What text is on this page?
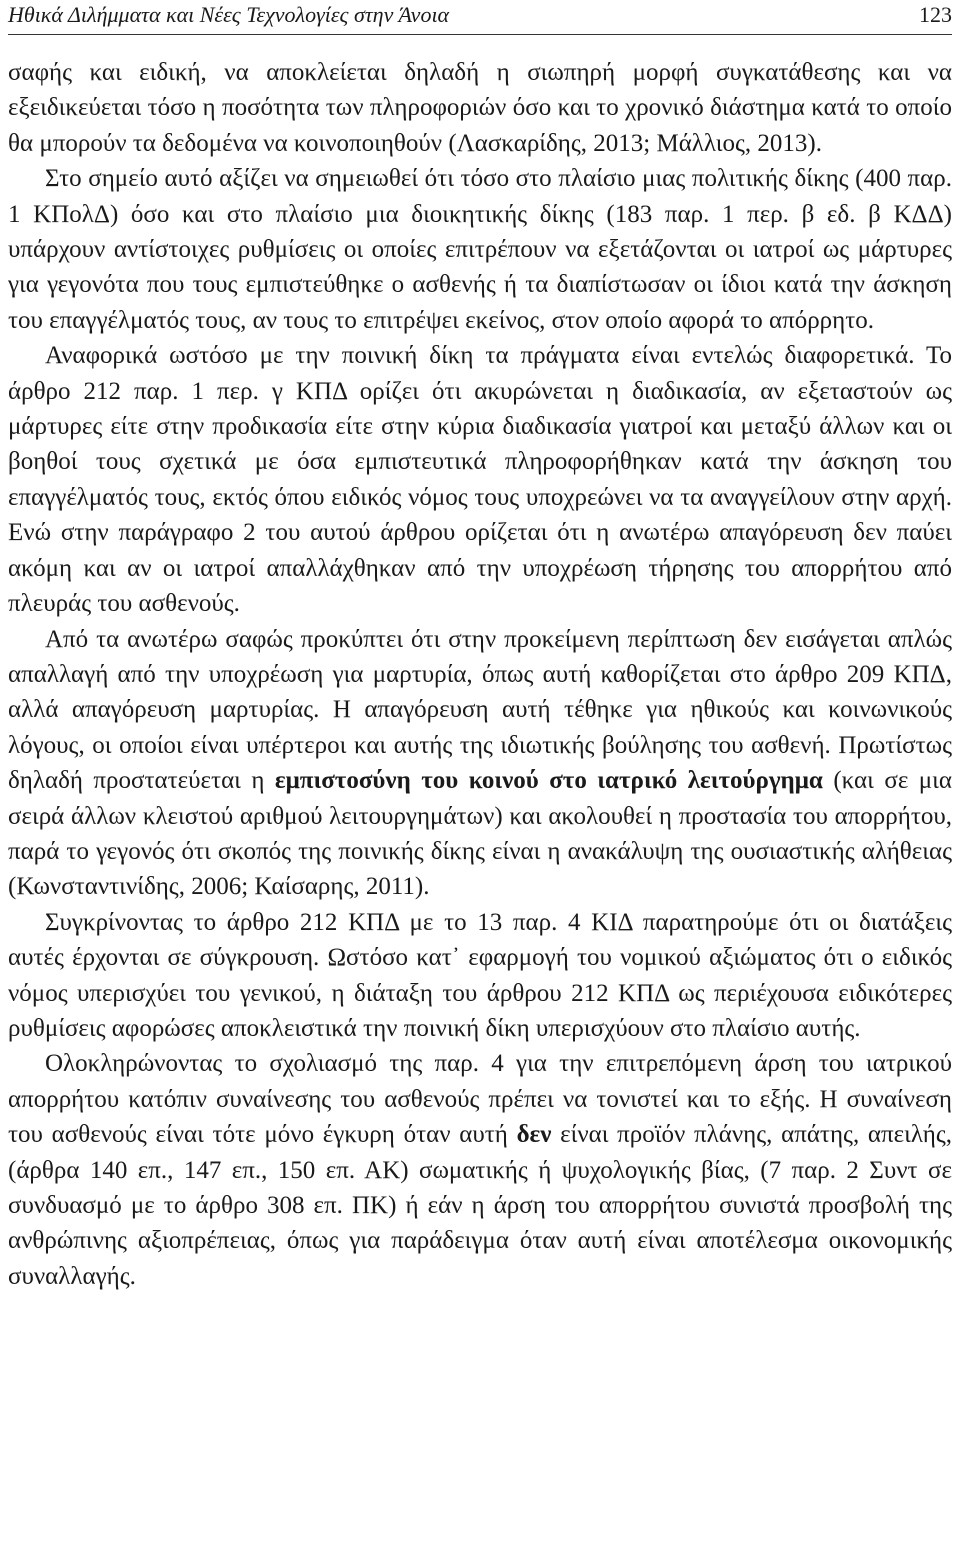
Ηθικά Διλήμματα και Νέες Τεχνολογίες στην Άνοια	123

σαφής και ειδική, να αποκλείεται δηλαδή η σιωπηρή μορφή συγκατάθεσης και να εξειδικεύεται τόσο η ποσότητα των πληροφοριών όσο και το χρονικό διάστημα κατά το οποίο θα μπορούν τα δεδομένα να κοινοποιηθούν (Λασκαρίδης, 2013; Μάλλιος, 2013).

Στο σημείο αυτό αξίζει να σημειωθεί ότι τόσο στο πλαίσιο μιας πολιτικής δίκης (400 παρ. 1 ΚΠολΔ) όσο και στο πλαίσιο μια διοικητικής δίκης (183 παρ. 1 περ. β εδ. β ΚΔΔ) υπάρχουν αντίστοιχες ρυθμίσεις οι οποίες επιτρέπουν να εξετάζονται οι ιατροί ως μάρτυρες για γεγονότα που τους εμπιστεύθηκε ο ασθενής ή τα διαπίστωσαν οι ίδιοι κατά την άσκηση του επαγγέλματός τους, αν τους το επιτρέψει εκείνος, στον οποίο αφορά το απόρρητο.

Αναφορικά ωστόσο με την ποινική δίκη τα πράγματα είναι εντελώς διαφορετικά. Το άρθρο 212 παρ. 1 περ. γ ΚΠΔ ορίζει ότι ακυρώνεται η διαδικασία, αν εξεταστούν ως μάρτυρες είτε στην προδικασία είτε στην κύρια διαδικασία γιατροί και μεταξύ άλλων και οι βοηθοί τους σχετικά με όσα εμπιστευτικά πληροφορήθηκαν κατά την άσκηση του επαγγέλματός τους, εκτός όπου ειδικός νόμος τους υποχρεώνει να τα αναγγείλουν στην αρχή. Ενώ στην παράγραφο 2 του αυτού άρθρου ορίζεται ότι η ανωτέρω απαγόρευση δεν παύει ακόμη και αν οι ιατροί απαλλάχθηκαν από την υποχρέωση τήρησης του απορρήτου από πλευράς του ασθενούς.

Από τα ανωτέρω σαφώς προκύπτει ότι στην προκείμενη περίπτωση δεν εισάγεται απλώς απαλλαγή από την υποχρέωση για μαρτυρία, όπως αυτή καθορίζεται στο άρθρο 209 ΚΠΔ, αλλά απαγόρευση μαρτυρίας. Η απαγόρευση αυτή τέθηκε για ηθικούς και κοινωνικούς λόγους, οι οποίοι είναι υπέρτεροι και αυτής της ιδιωτικής βούλησης του ασθενή. Πρωτίστως δηλαδή προστατεύεται η εμπιστοσύνη του κοινού στο ιατρικό λειτούργημα (και σε μια σειρά άλλων κλειστού αριθμού λειτουργημάτων) και ακολουθεί η προστασία του απορρήτου, παρά το γεγονός ότι σκοπός της ποινικής δίκης είναι η ανακάλυψη της ουσιαστικής αλήθειας (Κωνσταντινίδης, 2006; Καίσαρης, 2011).

Συγκρίνοντας το άρθρο 212 ΚΠΔ με το 13 παρ. 4 ΚΙΔ παρατηρούμε ότι οι διατάξεις αυτές έρχονται σε σύγκρουση. Ωστόσο κατ᾽ εφαρμογή του νομικού αξιώματος ότι ο ειδικός νόμος υπερισχύει του γενικού, η διάταξη του άρθρου 212 ΚΠΔ ως περιέχουσα ειδικότερες ρυθμίσεις αφορώσες αποκλειστικά την ποινική δίκη υπερισχύουν στο πλαίσιο αυτής.

Ολοκληρώνοντας το σχολιασμό της παρ. 4 για την επιτρεπόμενη άρση του ιατρικού απορρήτου κατόπιν συναίνεσης του ασθενούς πρέπει να τονιστεί και το εξής. Η συναίνεση του ασθενούς είναι τότε μόνο έγκυρη όταν αυτή δεν είναι προϊόν πλάνης, απάτης, απειλής, (άρθρα 140 επ., 147 επ., 150 επ. ΑΚ) σωματικής ή ψυχολογικής βίας, (7 παρ. 2 Συντ σε συνδυασμό με το άρθρο 308 επ. ΠΚ) ή εάν η άρση του απορρήτου συνιστά προσβολή της ανθρώπινης αξιοπρέπειας, όπως για παράδειγμα όταν αυτή είναι αποτέλεσμα οικονομικής συναλλαγής.
